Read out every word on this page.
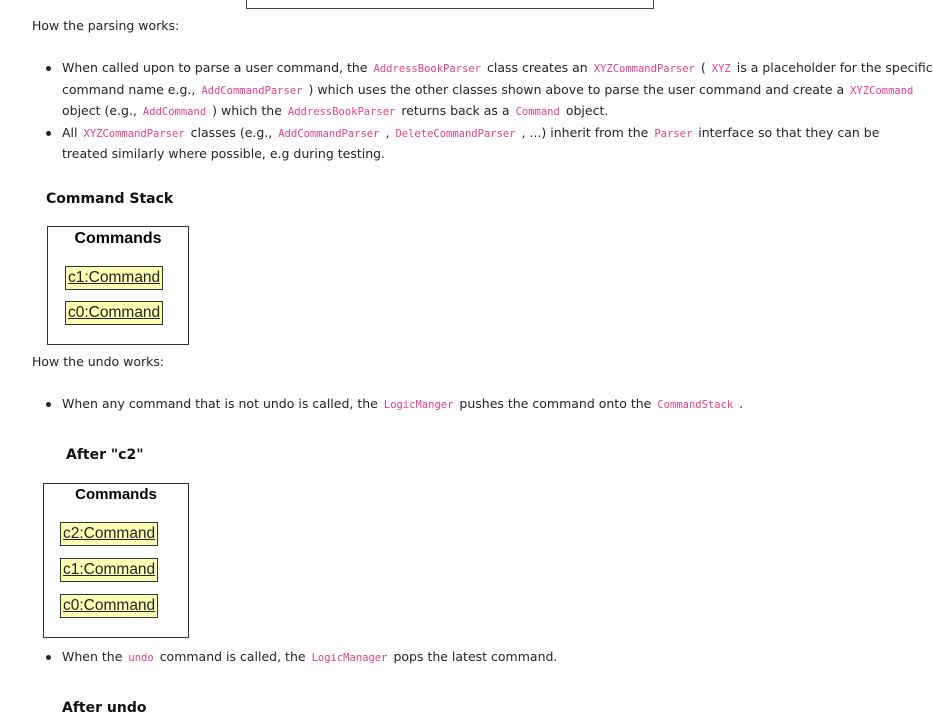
How the parsing works:
When called upon to parse a user command, the AddressBookParser class creates an XYZCommandParser ( XYZ is a placeholder for the specific
command name e.g., AddCommandParser ) which uses the other classes shown above to parse the user command and create a XYZCommand
object (e.g., AddCommand ) which the AddressBookParser returns back as a Command object.
All XYZCommandParser classes (e.g., AddCommandParser , DeleteCommandParser , ...) inherit from the Parser interface so that they can be
treated similarly where possible, e.g during testing.
Command Stack
Commands
c1:Command
c0:Command
How the undo works:
When any command that is not undo is called, the LogicManger pushes the command onto the CommandStack .
After "c2"
Commands
c2:Command
c1:Command
c0:Command
When the undo command is called, the LogicManager pops the latest command.
After undo
